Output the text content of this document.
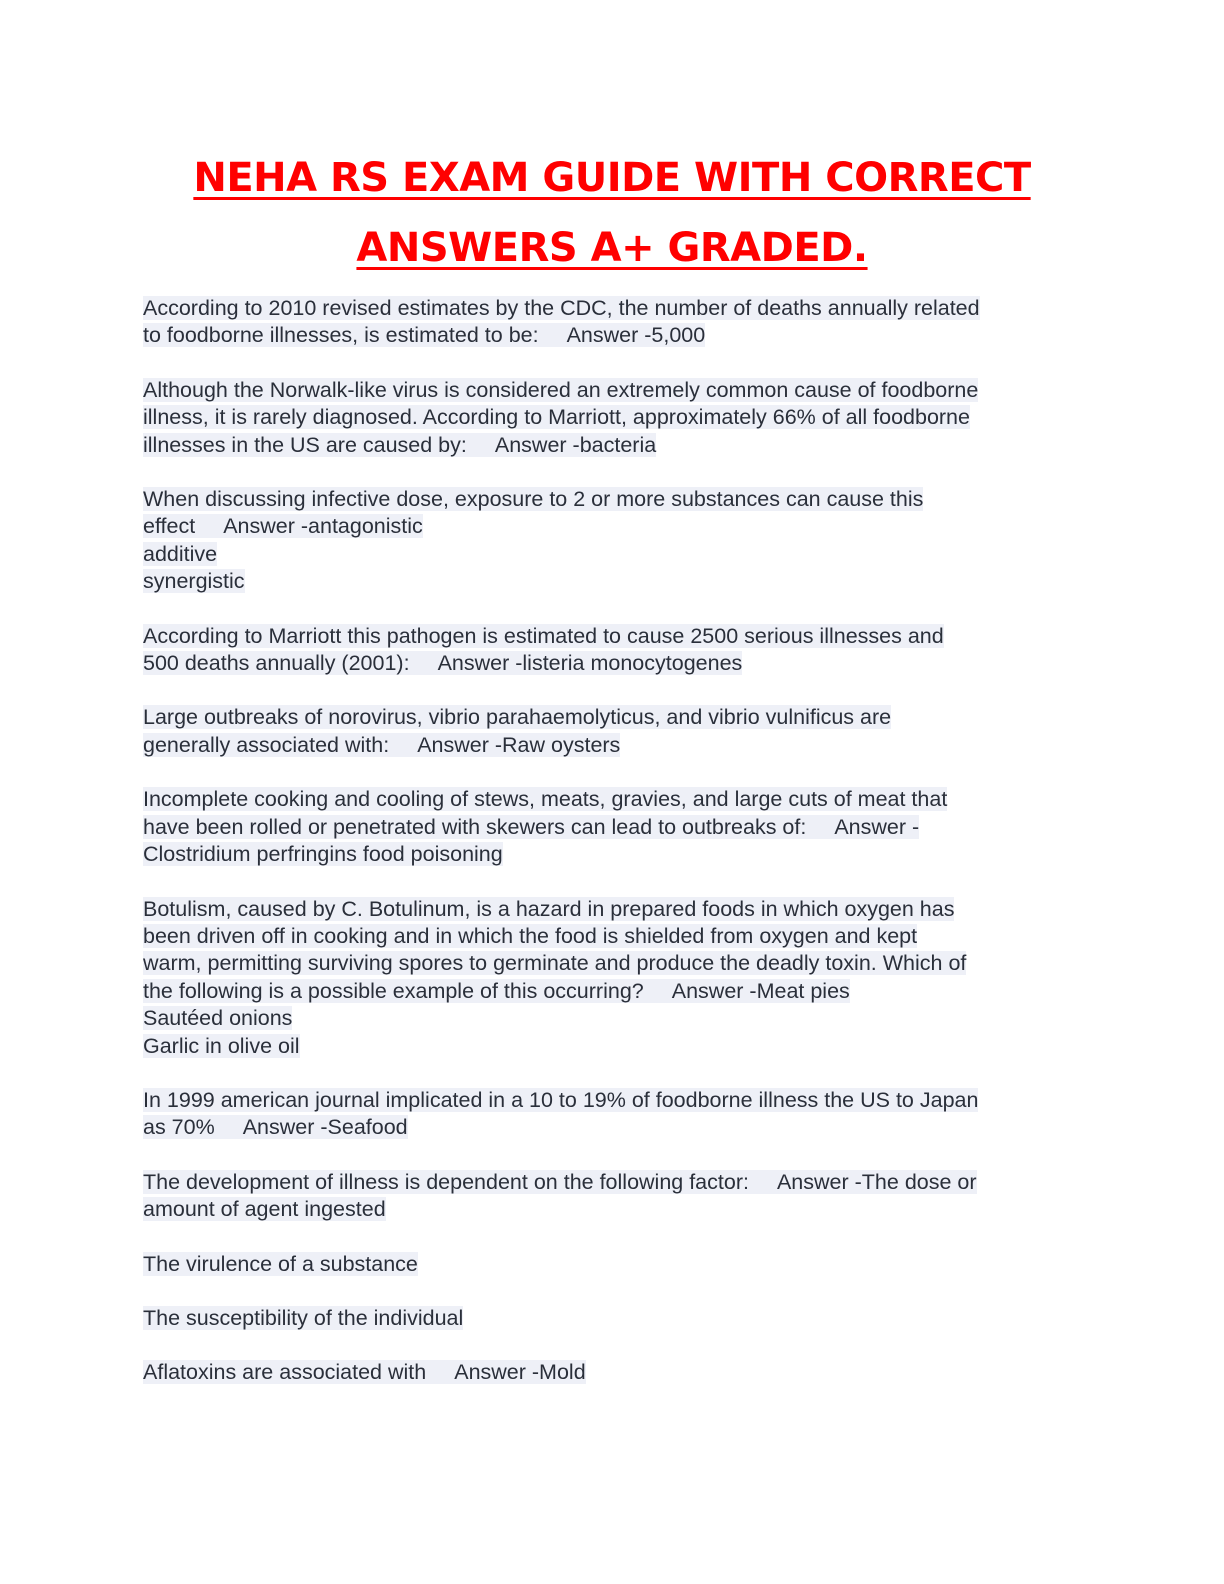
NEHA RS EXAM GUIDE WITH CORRECT
ANSWERS A+ GRADED.
According to 2010 revised estimates by the CDC, the number of deaths annually related
to foodborne illnesses, is estimated to be: Answer -5,000
Although the Norwalk-like virus is considered an extremely common cause of foodborne
illness, it is rarely diagnosed. According to Marriott, approximately 66% of all foodborne
illnesses in the US are caused by: Answer -bacteria
When discussing infective dose, exposure to 2 or more substances can cause this
effect Answer -antagonistic
additive
synergistic
According to Marriott this pathogen is estimated to cause 2500 serious illnesses and
500 deaths annually (2001): Answer -listeria monocytogenes
Large outbreaks of norovirus, vibrio parahaemolyticus, and vibrio vulnificus are
generally associated with: Answer -Raw oysters
Incomplete cooking and cooling of stews, meats, gravies, and large cuts of meat that
have been rolled or penetrated with skewers can lead to outbreaks of: Answer -
Clostridium perfringins food poisoning
Botulism, caused by C. Botulinum, is a hazard in prepared foods in which oxygen has
been driven off in cooking and in which the food is shielded from oxygen and kept
warm, permitting surviving spores to germinate and produce the deadly toxin. Which of
the following is a possible example of this occurring? Answer -Meat pies
Sautéed onions
Garlic in olive oil
In 1999 american journal implicated in a 10 to 19% of foodborne illness the US to Japan
as 70% Answer -Seafood
The development of illness is dependent on the following factor: Answer -The dose or
amount of agent ingested
The virulence of a substance
The susceptibility of the individual
Aflatoxins are associated with Answer -Mold
